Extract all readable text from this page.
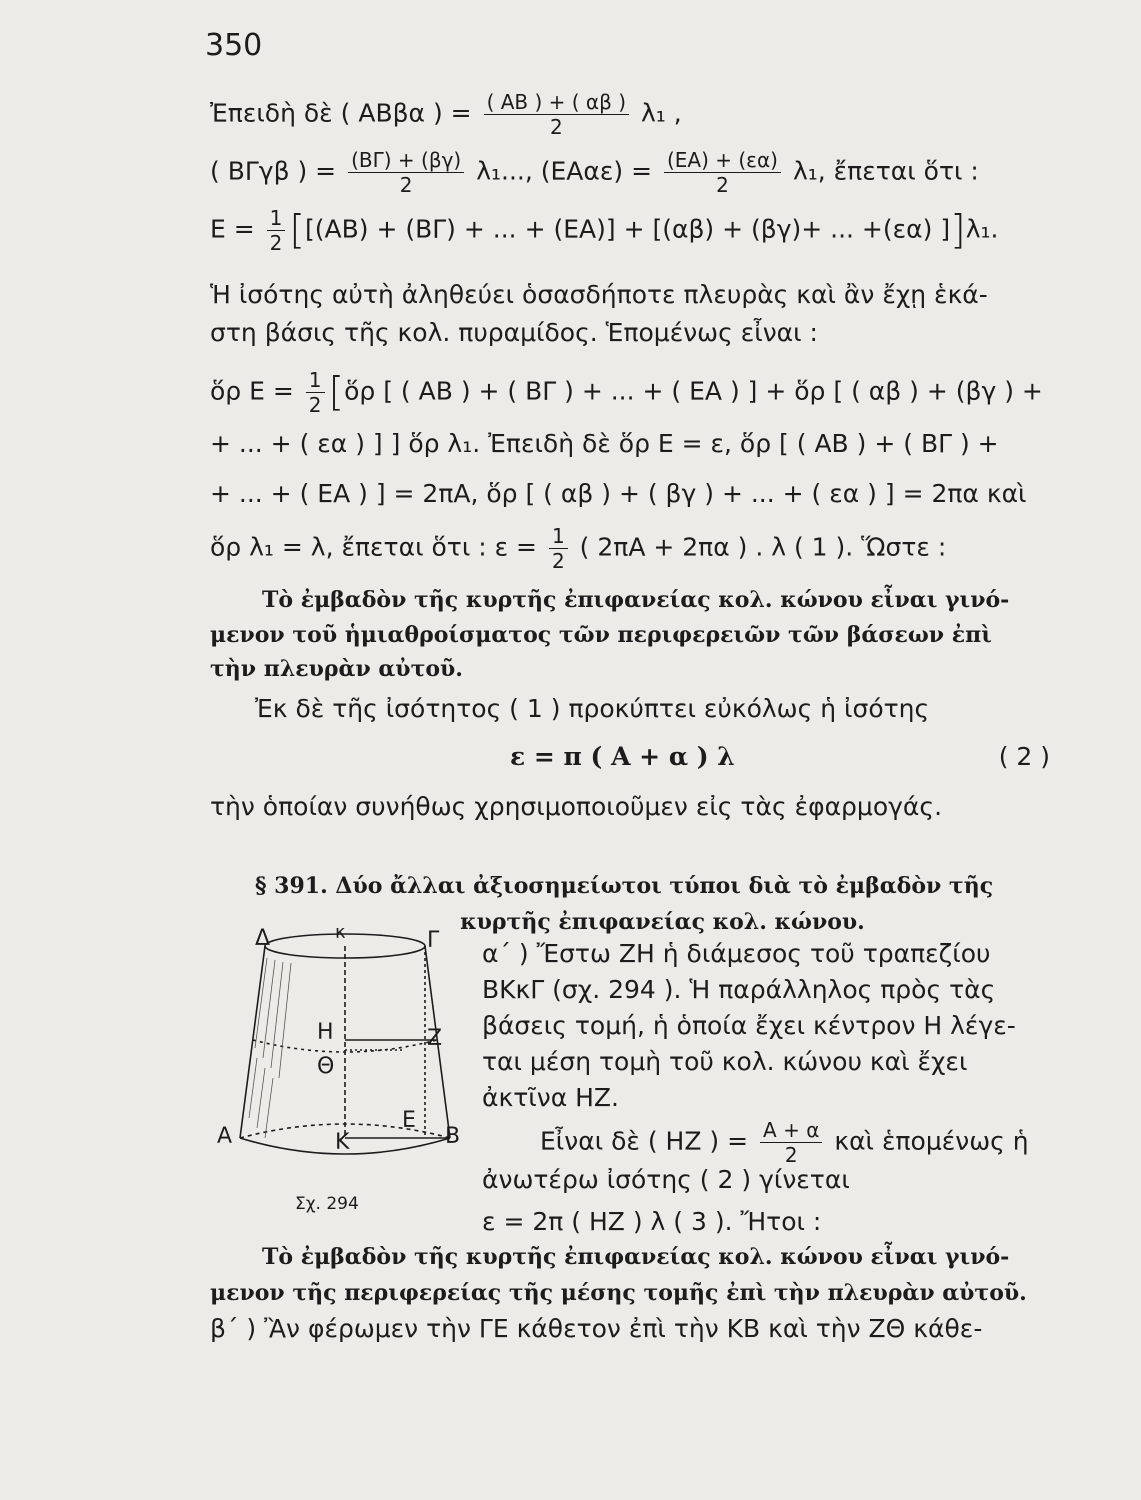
350
Ἐπειδὴ δὲ ( ABβα ) = $\frac{( AB ) + ( \alpha\beta )}{2} \lambda_1$ ,
( ΒΓγβ ) = $\frac{(B\Gamma) + (\beta\gamma)}{2} \lambda_1$..., $(EA\alpha\varepsilon) = \frac{(EA) + (\varepsilon\alpha)}{2} \lambda_1$, ἔπεται ὅτι :
$E = \frac{1}{2} [[(AB) + (B\Gamma)$ + ... + (ΕΑ)] + [(αβ) + (βγ)+ ... +(εα) ]]λ₁.
Ἡ ἰσότης αὐτὴ ἀληθεύει ὁσασδήποτε πλευρὰς καὶ ἂν ἔχῃ ἑκά-
στη βάσις τῆς κολ. πυραμίδος. Ἑπομένως εἶναι :
ὅρ $E = \frac{1}{2}$ [ὅρ [ ( AB ) + ( ΒΓ ) + ... + ( ΕΑ ) ] + ὅρ [ ( αβ ) + (βγ ) +
+ ... + ( εα ) ] ] ὅρ λ₁. Ἐπειδὴ δὲ ὅρ E = ε, ὅρ [ ( AB ) + ( ΒΓ ) +
+ ... + ( ΕΑ ) ] = 2πΑ, ὅρ [ ( αβ ) + ( βγ ) + ... + ( εα ) ] = 2πα καὶ
ὅρ λ₁ = λ, ἔπεται ὅτι : $\varepsilon = \frac{1}{2}$ ( 2πΑ + 2πα ) . λ ( 1 ). Ὥστε :
Τὸ ἐμβαδὸν τῆς κυρτῆς ἐπιφανείας κολ. κώνου εἶναι γινό-
μενον τοῦ ἡμιαθροίσματος τῶν περιφερειῶν τῶν βάσεων ἐπὶ
τὴν πλευρὰν αὐτοῦ.
Ἐκ δὲ τῆς ἰσότητος ( 1 ) προκύπτει εὐκόλως ἡ ἰσότης
ε = π ( Α + α ) λ	( 2 )
τὴν ὁποίαν συνήθως χρησιμοποιοῦμεν εἰς τὰς ἐφαρμογάς.
§ 391. Δύο ἄλλαι ἀξιοσημείωτοι τύποι διὰ τὸ ἐμβαδὸν τῆς
κυρτῆς ἐπιφανείας κολ. κώνου.
Δ	κ	Γ
Η	Ζ
Θ
Ε
Α	Κ	Β
Σχ. 294
α΄ ) Ἔστω ΖΗ ἡ διάμεσος τοῦ τραπεζίου
ΒΚκΓ (σχ. 294 ). Ἡ παράλληλος πρὸς τὰς
βάσεις τομή, ἡ ὁποία ἔχει κέντρον Η λέγε-
ται μέση τομὴ τοῦ κολ. κώνου καὶ ἔχει
ἀκτῖνα ΗΖ.
Εἶναι δὲ ( ΗΖ ) = $\frac{A + \alpha}{2}$ καὶ ἑπομένως ἡ
ἀνωτέρω ἰσότης ( 2 ) γίνεται
ε = 2π ( ΗΖ ) λ ( 3 ). Ἤτοι :
Τὸ ἐμβαδὸν τῆς κυρτῆς ἐπιφανείας κολ. κώνου εἶναι γινό-
μενον τῆς περιφερείας τῆς μέσης τομῆς ἐπὶ τὴν πλευρὰν αὐτοῦ.
β΄ ) Ἂν φέρωμεν τὴν ΓΕ κάθετον ἐπὶ τὴν ΚΒ καὶ τὴν ΖΘ κάθε-
